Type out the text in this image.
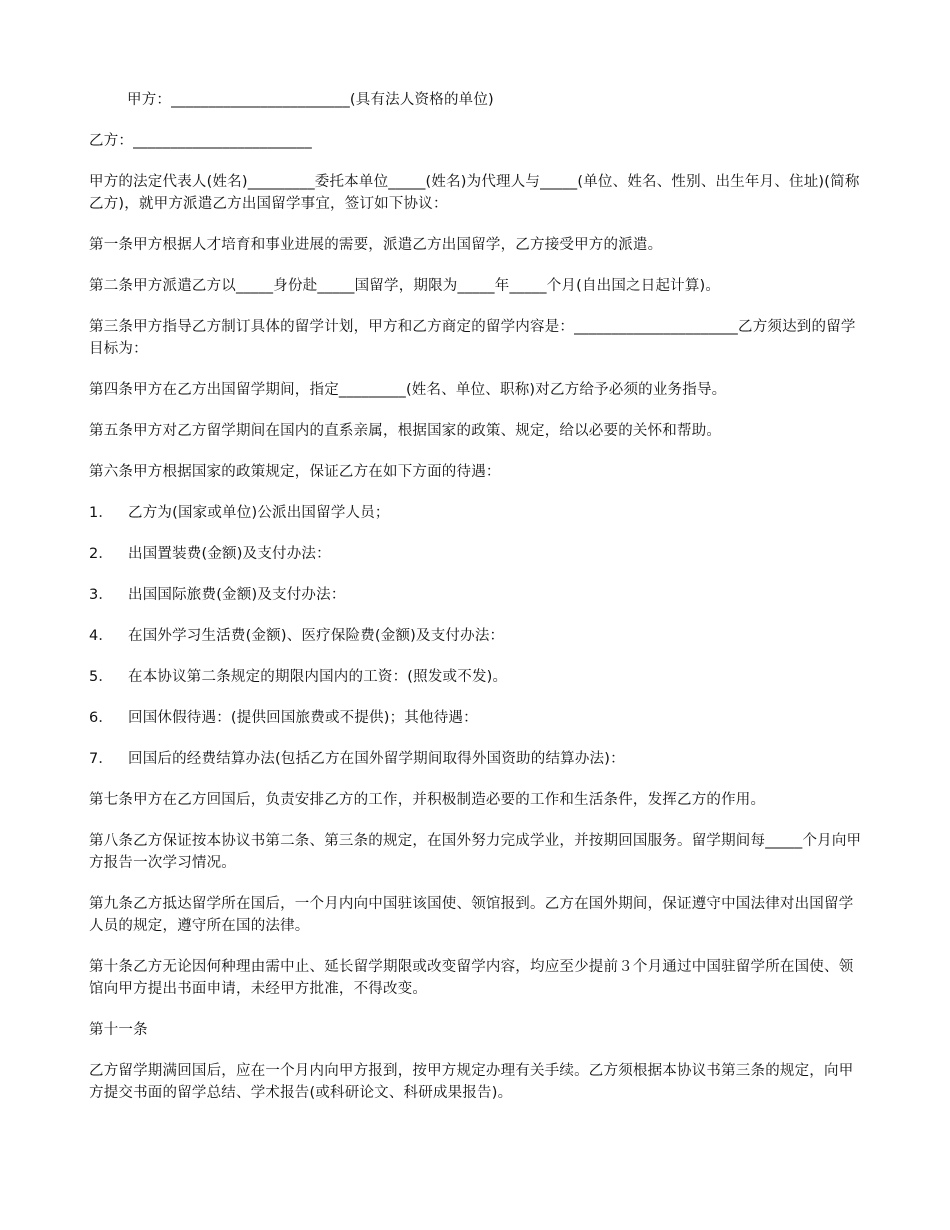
甲方：________________________(具有法人资格的单位)

乙方：________________________

甲方的法定代表人(姓名)_________委托本单位_____(姓名)为代理人与_____(单位、姓名、性别、出生年月、住址)(简称乙方)，就甲方派遣乙方出国留学事宜，签订如下协议：

第一条甲方根据人才培育和事业进展的需要，派遣乙方出国留学，乙方接受甲方的派遣。

第二条甲方派遣乙方以_____身份赴_____国留学，期限为_____年_____个月(自出国之日起计算)。

第三条甲方指导乙方制订具体的留学计划，甲方和乙方商定的留学内容是：______________________乙方须达到的留学目标为：

第四条甲方在乙方出国留学期间，指定_________(姓名、单位、职称)对乙方给予必须的业务指导。

第五条甲方对乙方留学期间在国内的直系亲属，根据国家的政策、规定，给以必要的关怀和帮助。

第六条甲方根据国家的政策规定，保证乙方在如下方面的待遇：

1． 乙方为(国家或单位)公派出国留学人员；

2． 出国置装费(金额)及支付办法：

3． 出国国际旅费(金额)及支付办法：

4． 在国外学习生活费(金额)、医疗保险费(金额)及支付办法：

5． 在本协议第二条规定的期限内国内的工资：(照发或不发)。

6． 回国休假待遇：(提供回国旅费或不提供)；其他待遇：

7． 回国后的经费结算办法(包括乙方在国外留学期间取得外国资助的结算办法)：

第七条甲方在乙方回国后，负责安排乙方的工作，并积极制造必要的工作和生活条件，发挥乙方的作用。

第八条乙方保证按本协议书第二条、第三条的规定，在国外努力完成学业，并按期回国服务。留学期间每_____个月向甲方报告一次学习情况。

第九条乙方抵达留学所在国后，一个月内向中国驻该国使、领馆报到。乙方在国外期间，保证遵守中国法律对出国留学人员的规定，遵守所在国的法律。

第十条乙方无论因何种理由需中止、延长留学期限或改变留学内容，均应至少提前３个月通过中国驻留学所在国使、领馆向甲方提出书面申请，未经甲方批准，不得改变。

第十一条

乙方留学期满回国后，应在一个月内向甲方报到，按甲方规定办理有关手续。乙方须根据本协议书第三条的规定，向甲方提交书面的留学总结、学术报告(或科研论文、科研成果报告)。
